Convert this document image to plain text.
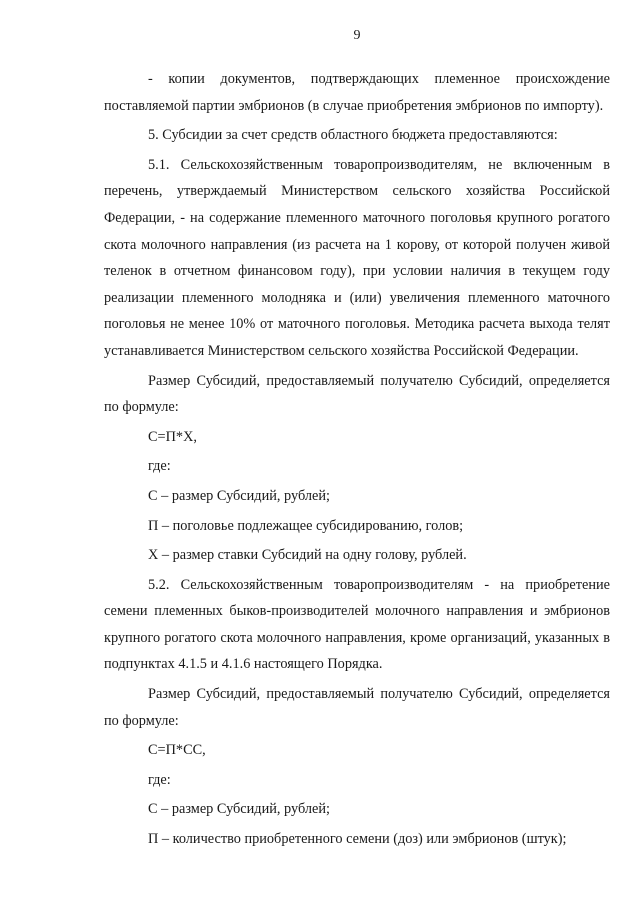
9

- копии документов, подтверждающих племенное происхождение поставляемой партии эмбрионов (в случае приобретения эмбрионов по импорту).

5. Субсидии за счет средств областного бюджета предоставляются:

5.1. Сельскохозяйственным товаропроизводителям, не включенным в перечень, утверждаемый Министерством сельского хозяйства Российской Федерации, - на содержание племенного маточного поголовья крупного рогатого скота молочного направления (из расчета на 1 корову, от которой получен живой теленок в отчетном финансовом году), при условии наличия в текущем году реализации племенного молодняка и (или) увеличения племенного маточного поголовья не менее 10% от маточного поголовья. Методика расчета выхода телят устанавливается Министерством сельского хозяйства Российской Федерации.

Размер Субсидий, предоставляемый получателю Субсидий, определяется по формуле:

С=П*Х,

где:

С – размер Субсидий, рублей;

П – поголовье подлежащее субсидированию, голов;

Х – размер ставки Субсидий на одну голову, рублей.

5.2. Сельскохозяйственным товаропроизводителям - на приобретение семени племенных быков-производителей молочного направления и эмбрионов крупного рогатого скота молочного направления, кроме организаций, указанных в подпунктах 4.1.5 и 4.1.6 настоящего Порядка.

Размер Субсидий, предоставляемый получателю Субсидий, определяется по формуле:

С=П*СС,

где:

С – размер Субсидий, рублей;

П – количество приобретенного семени (доз) или эмбрионов (штук);
